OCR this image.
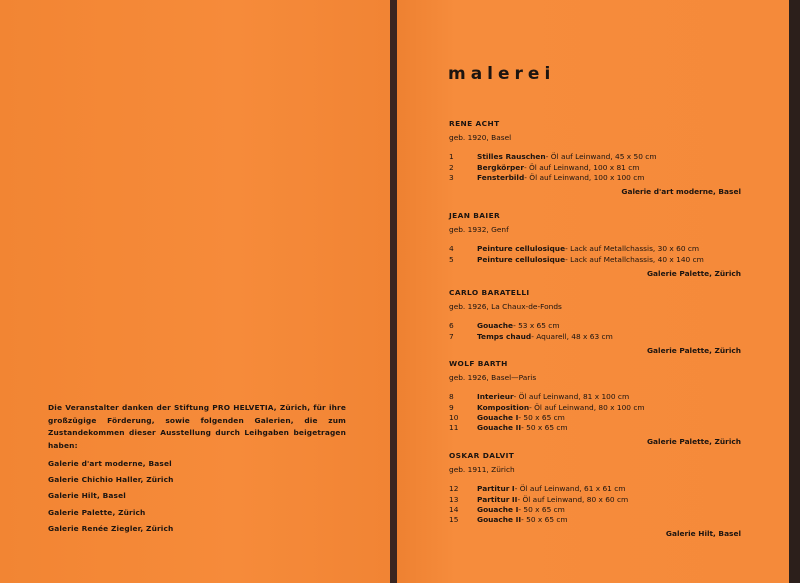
Die Veranstalter danken der Stiftung PRO HELVETIA, Zürich, für ihre großzügige Förderung, sowie folgenden Galerien, die zum Zustandekommen dieser Ausstellung durch Leihgaben beigetragen haben:

Galerie d'art moderne, Basel
Galerie Chichio Haller, Zürich
Galerie Hilt, Basel
Galerie Palette, Zürich
Galerie Renée Ziegler, Zürich
malerei
RENE ACHT
geb. 1920, Basel
1	Stilles Rauschen - Öl auf Leinwand, 45 x 50 cm
2	Bergkörper - Öl auf Leinwand, 100 x 81 cm
3	Fensterbild - Öl auf Leinwand, 100 x 100 cm
Galerie d'art moderne, Basel
JEAN BAIER
geb. 1932, Genf
4	Peinture cellulosique - Lack auf Metallchassis, 30 x 60 cm
5	Peinture cellulosique - Lack auf Metallchassis, 40 x 140 cm
Galerie Palette, Zürich
CARLO BARATELLI
geb. 1926, La Chaux-de-Fonds
6	Gouache - 53 x 65 cm
7	Temps chaud - Aquarell, 48 x 63 cm
Galerie Palette, Zürich
WOLF BARTH
geb. 1926, Basel—Paris
8	Interieur - Öl auf Leinwand, 81 x 100 cm
9	Komposition - Öl auf Leinwand, 80 x 100 cm
10	Gouache I - 50 x 65 cm
11	Gouache II - 50 x 65 cm
Galerie Palette, Zürich
OSKAR DALVIT
geb. 1911, Zürich
12	Partitur I - Öl auf Leinwand, 61 x 61 cm
13	Partitur II - Öl auf Leinwand, 80 x 60 cm
14	Gouache I - 50 x 65 cm
15	Gouache II - 50 x 65 cm
Galerie Hilt, Basel
